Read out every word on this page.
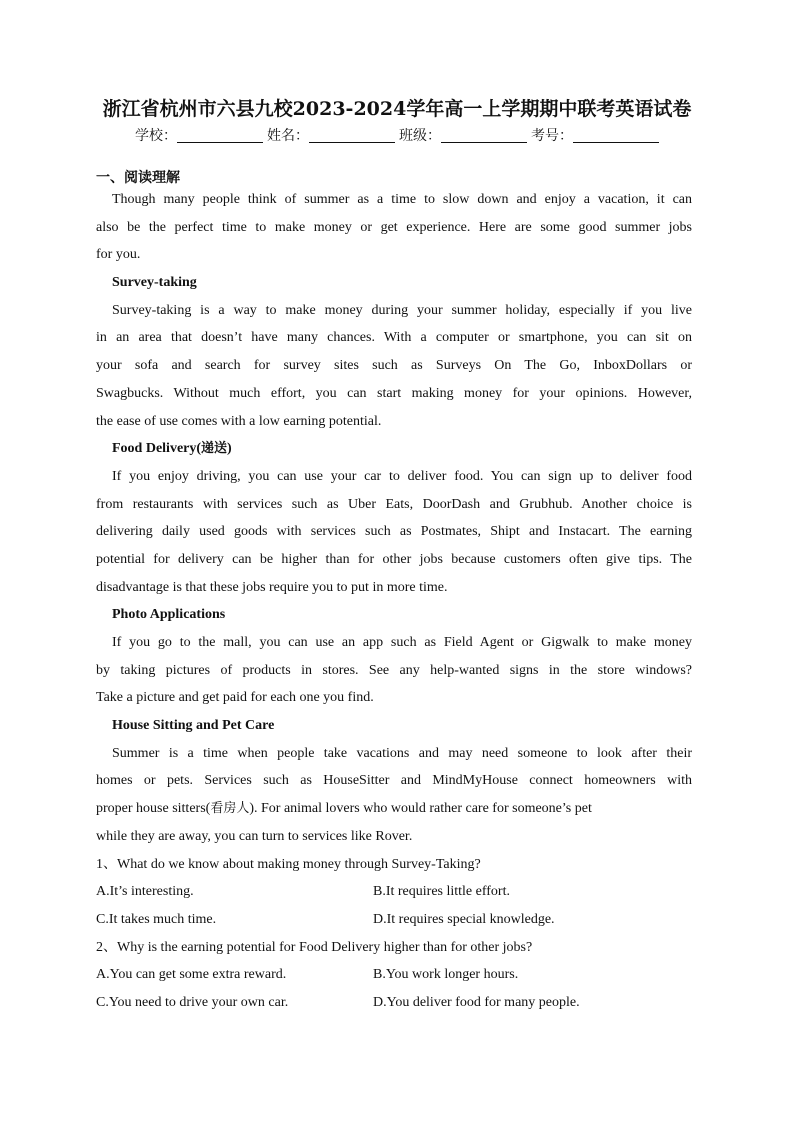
浙江省杭州市六县九校2023-2024学年高一上学期期中联考英语试卷
学校：	姓名：	班级：	考号：
一、阅读理解
Though many people think of summer as a time to slow down and enjoy a vacation, it can
also be the perfect time to make money or get experience. Here are some good summer jobs
for you.
Survey-taking
Survey-taking is a way to make money during your summer holiday, especially if you live
in an area that doesn’t have many chances. With a computer or smartphone, you can sit on
your sofa and search for survey sites such as Surveys On The Go, InboxDollars or
Swagbucks. Without much effort, you can start making money for your opinions. However,
the ease of use comes with a low earning potential.
Food Delivery(递送)
If you enjoy driving, you can use your car to deliver food. You can sign up to deliver food
from restaurants with services such as Uber Eats, DoorDash and Grubhub. Another choice is
delivering daily used goods with services such as Postmates, Shipt and Instacart. The earning
potential for delivery can be higher than for other jobs because customers often give tips. The
disadvantage is that these jobs require you to put in more time.
Photo Applications
If you go to the mall, you can use an app such as Field Agent or Gigwalk to make money
by taking pictures of products in stores. See any help-wanted signs in the store windows?
Take a picture and get paid for each one you find.
House Sitting and Pet Care
Summer is a time when people take vacations and may need someone to look after their
homes or pets. Services such as HouseSitter and MindMyHouse connect homeowners with
proper house sitters(看房人). For animal lovers who would rather care for someone’s pet
while they are away, you can turn to services like Rover.
1、What do we know about making money through Survey-Taking?
A.It’s interesting.	B.It requires little effort.
C.It takes much time.	D.It requires special knowledge.
2、Why is the earning potential for Food Delivery higher than for other jobs?
A.You can get some extra reward.	B.You work longer hours.
C.You need to drive your own car.	D.You deliver food for many people.
